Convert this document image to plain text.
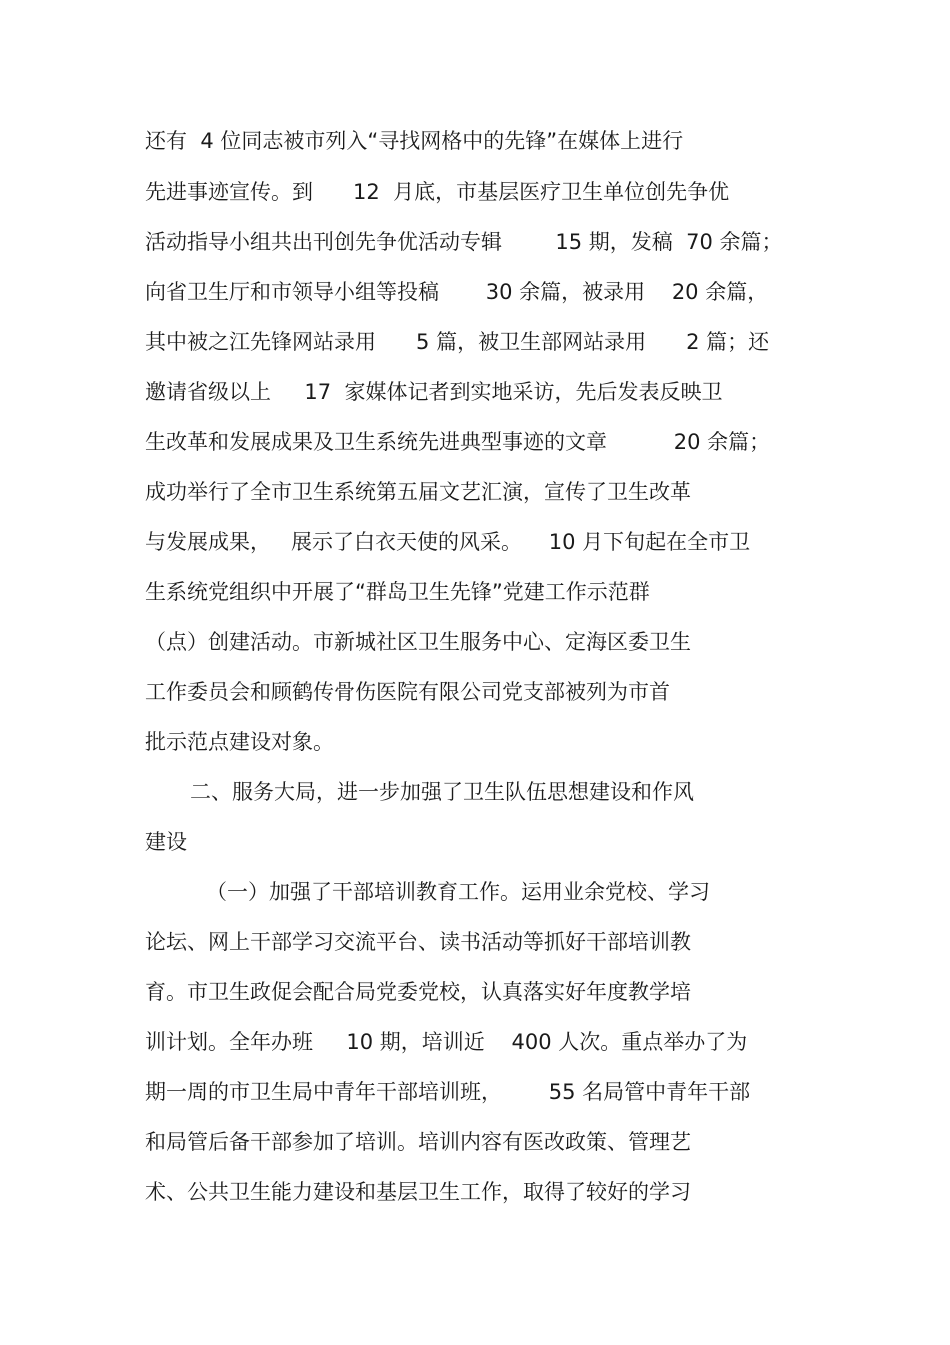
还有  4 位同志被市列入“寻找网格中的先锋”在媒体上进行
先进事迹宣传。到      12  月底，市基层医疗卫生单位创先争优
活动指导小组共出刊创先争优活动专辑        15 期，发稿  70 余篇；
向省卫生厅和市领导小组等投稿       30 余篇，被录用    20 余篇，
其中被之江先锋网站录用      5 篇，被卫生部网站录用      2 篇；还
邀请省级以上     17  家媒体记者到实地采访，先后发表反映卫
生改革和发展成果及卫生系统先进典型事迹的文章          20 余篇；
成功举行了全市卫生系统第五届文艺汇演，宣传了卫生改革
与发展成果，   展示了白衣天使的风采。    10 月下旬起在全市卫
生系统党组织中开展了“群岛卫生先锋”党建工作示范群
（点）创建活动。市新城社区卫生服务中心、定海区委卫生
工作委员会和顾鹤传骨伤医院有限公司党支部被列为市首
批示范点建设对象。
二、服务大局，进一步加强了卫生队伍思想建设和作风
建设
（一）加强了干部培训教育工作。运用业余党校、学习
论坛、网上干部学习交流平台、读书活动等抓好干部培训教
育。市卫生政促会配合局党委党校，认真落实好年度教学培
训计划。全年办班     10 期，培训近    400 人次。重点举办了为
期一周的市卫生局中青年干部培训班，       55 名局管中青年干部
和局管后备干部参加了培训。培训内容有医改政策、管理艺
术、公共卫生能力建设和基层卫生工作，取得了较好的学习
